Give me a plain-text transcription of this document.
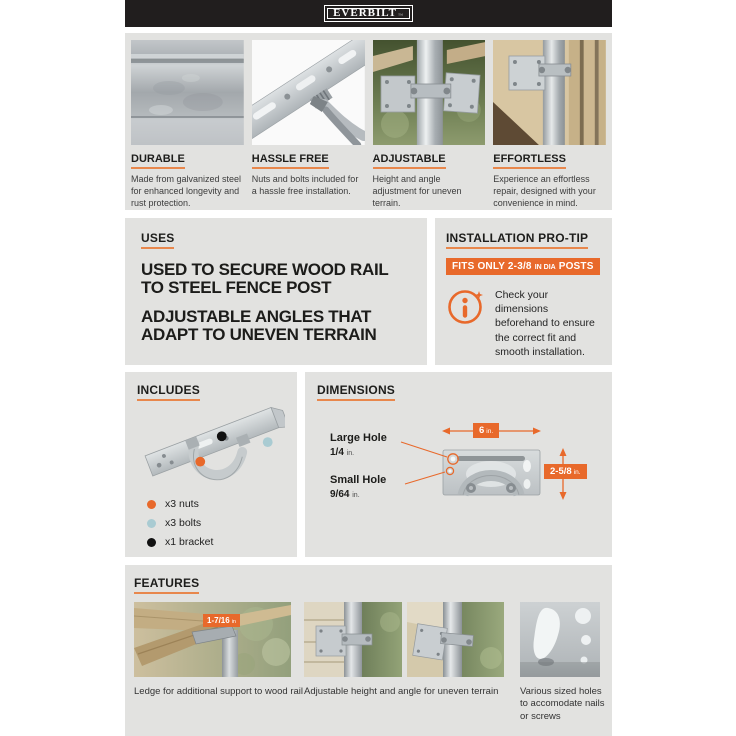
EVERBILT™
DURABLE

Made from galvanized steel for enhanced longevity and rust protection.

HASSLE FREE

Nuts and bolts included for a hassle free installation.

ADJUSTABLE

Height and angle adjustment for uneven terrain.

EFFORTLESS

Experience an effortless repair, designed with your convenience in mind.

USES
USED TO SECURE WOOD RAIL TO STEEL FENCE POST
ADJUSTABLE ANGLES THAT ADAPT TO UNEVEN TERRAIN
INSTALLATION PRO-TIP
FITS ONLY 2-3/8 IN DIA POSTS
Check your dimensions beforehand to ensure the correct fit and smooth installation.
INCLUDES
x3 nuts
x3 bolts
x1 bracket
DIMENSIONS
Large Hole
1/4 in.
Small Hole
9/64 in.
6 in.
2-5/8 in.
FEATURES
1-7/16 in
Ledge for additional support to wood rail Adjustable height and angle for uneven terrain	Various sized holes to accomodate nails or screws
